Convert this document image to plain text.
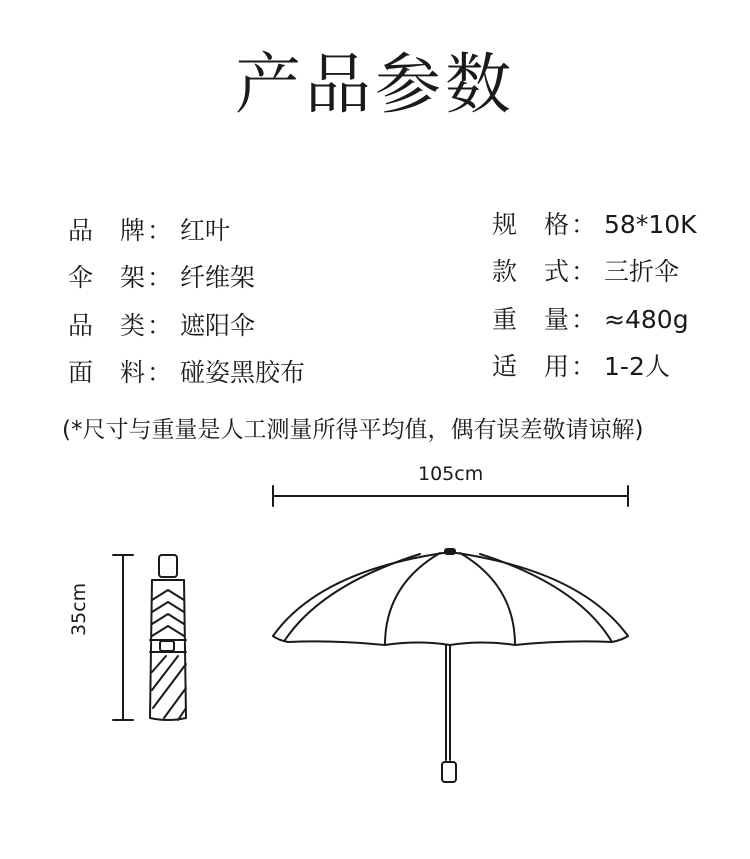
产品参数
品 牌： 红叶
伞 架： 纤维架
品 类： 遮阳伞
面 料： 碰姿黑胶布
规 格： 58*10K
款 式： 三折伞
重 量： ≈480g
适 用： 1-2人
(*尺寸与重量是人工测量所得平均值，偶有误差敬请谅解)
105cm
35cm
